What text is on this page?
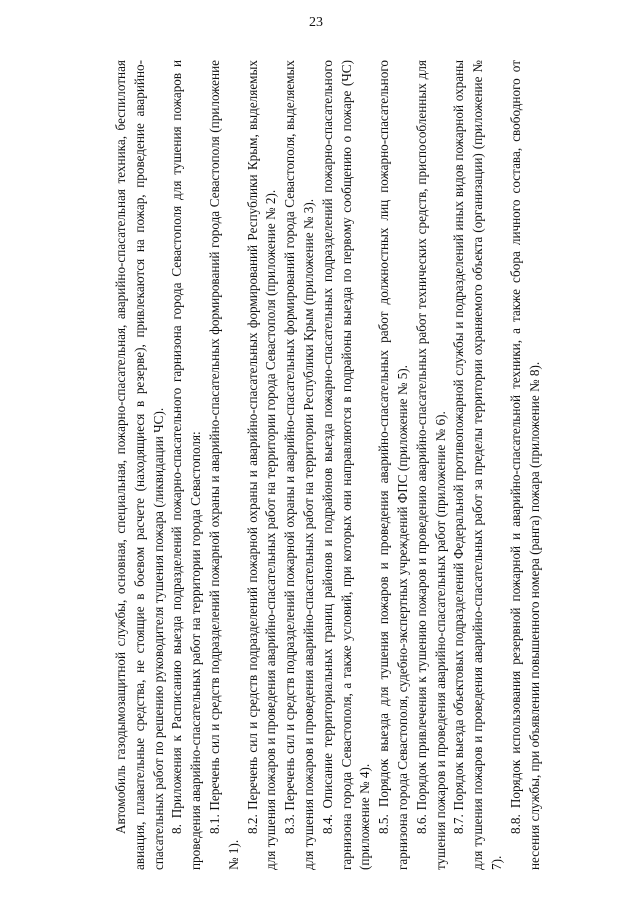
23

Автомобиль газодымозащитной службы, основная, специальная, пожарно-спасательная, аварийно-спасательная техника, беспилотная авиация, плавательные средства, не стоящие в боевом расчете (находящиеся в резерве), привлекаются на пожар, проведение аварийно-спасательных работ по решению руководителя тушения пожара (ликвидации ЧС). 8. Приложения к Расписанию выезда подразделений пожарно-спасательного гарнизона города Севастополя для тушения пожаров и проведения аварийно-спасательных работ на территории города Севастополя: 8.1. Перечень сил и средств подразделений пожарной охраны и аварийно-спасательных формирований города Севастополя (приложение № 1).

8.2. Перечень сил и средств подразделений пожарной охраны и аварийно-спасательных формирований Республики Крым, выделяемых для тушения пожаров и проведения аварийно-спасательных работ на территории города Севастополя (приложение № 2). 8.3. Перечень сил и средств подразделений пожарной охраны и аварийно-спасательных формирований города Севастополя, выделяемых для тушения пожаров и проведения аварийно-спасательных работ на территории Республики Крым (приложение № 3). 8.4. Описание территориальных границ районов и подрайонов выезда пожарно-спасательных подразделений пожарно-спасательного гарнизона города Севастополя, а также условий, при которых они направляются в подрайоны выезда по первому сообщению о пожаре (ЧС) (приложение № 4). 8.5. Порядок выезда для тушения пожаров и проведения аварийно-спасательных работ должностных лиц пожарно-спасательного гарнизона города Севастополя, судебно-экспертных учреждений ФПС (приложение № 5). 8.6. Порядок привлечения к тушению пожаров и проведению аварийно-спасательных работ технических средств, приспособленных для тушения пожаров и проведения аварийно-спасательных работ (приложение № 6). 8.7. Порядок выезда объектовых подразделений Федеральной противопожарной службы и подразделений иных видов пожарной охраны для тушения пожаров и проведения аварийно-спасательных работ за пределы территории охраняемого объекта (организации) (приложение № 7).

8.8. Порядок использования резервной пожарной и аварийно-спасательной техники, а также сбора личного состава, свободного от несения службы, при объявлении повышенного номера (ранга) пожара (приложение № 8).
